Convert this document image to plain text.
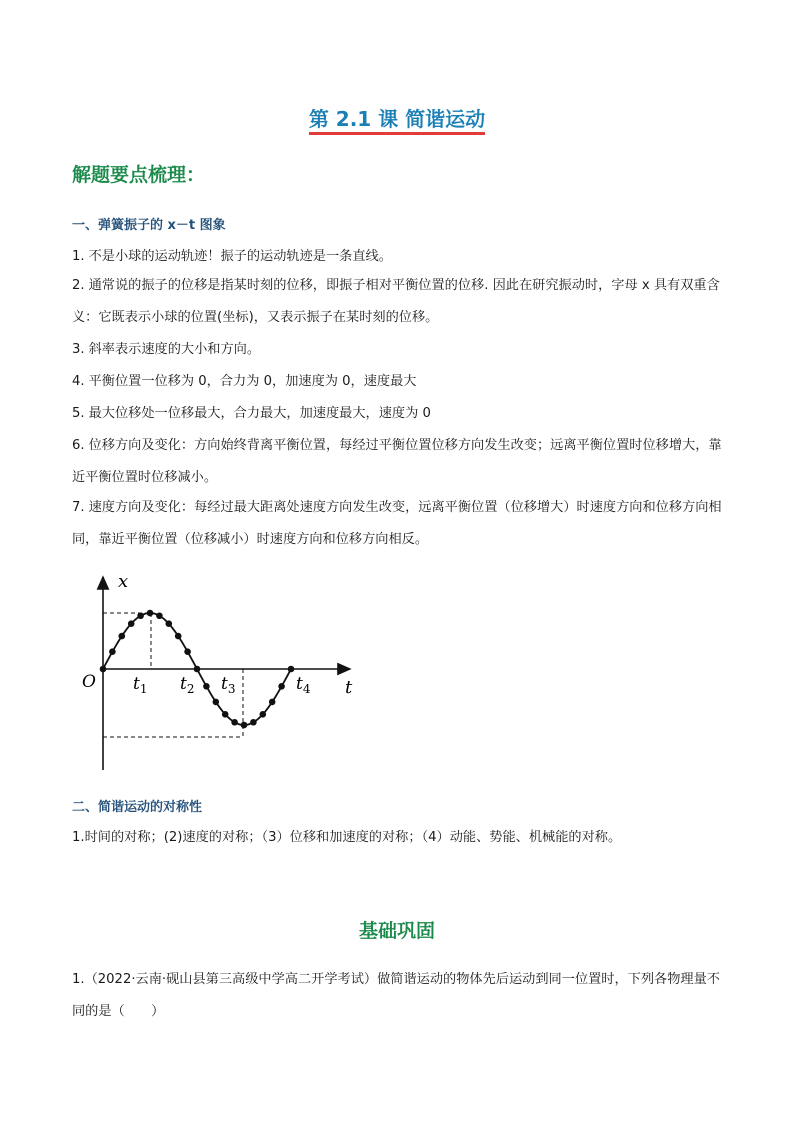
第 2.1 课 简谐运动
解题要点梳理：
一、弹簧振子的 x－t 图象
1. 不是小球的运动轨迹！振子的运动轨迹是一条直线。
2. 通常说的振子的位移是指某时刻的位移，即振子相对平衡位置的位移. 因此在研究振动时，字母 x 具有双重含义：它既表示小球的位置(坐标)，又表示振子在某时刻的位移。
3. 斜率表示速度的大小和方向。
4. 平衡位置一位移为 0，合力为 0，加速度为 0，速度最大
5. 最大位移处一位移最大，合力最大，加速度最大，速度为 0
6. 位移方向及变化：方向始终背离平衡位置，每经过平衡位置位移方向发生改变；远离平衡位置时位移增大，靠近平衡位置时位移减小。
7. 速度方向及变化：每经过最大距离处速度方向发生改变，远离平衡位置（位移增大）时速度方向和位移方向相同，靠近平衡位置（位移减小）时速度方向和位移方向相反。
x
t
O $t_1$ $t_2$ $t_3$	$t_4$
二、简谐运动的对称性
1.时间的对称；(2)速度的对称；（3）位移和加速度的对称；（4）动能、势能、机械能的对称。
基础巩固
1.（2022·云南·砚山县第三高级中学高二开学考试）做简谐运动的物体先后运动到同一位置时，下列各物理量不同的是（　　）
